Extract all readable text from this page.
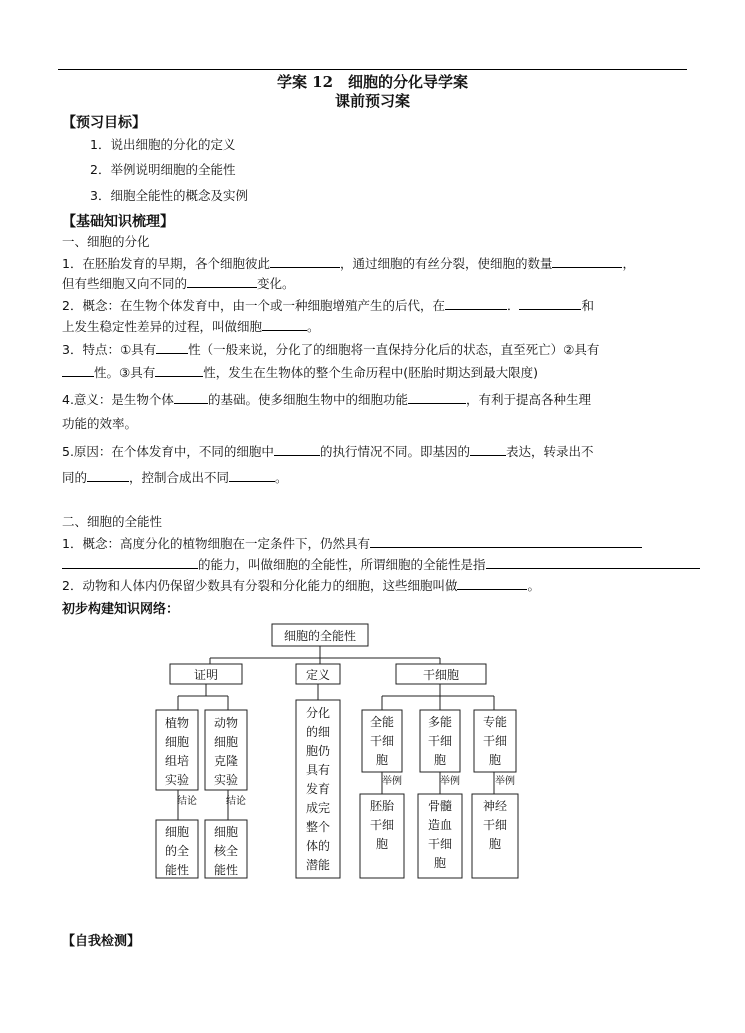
学案 12　细胞的分化导学案
课前预习案
【预习目标】
1．说出细胞的分化的定义
2．举例说明细胞的全能性
3．细胞全能性的概念及实例
【基础知识梳理】
一、细胞的分化
1．在胚胎发育的早期，各个细胞彼此	，通过细胞的有丝分裂，使细胞的数量	，
但有些细胞又向不同的	变化。
2．概念：在生物个体发育中，由一个或一种细胞增殖产生的后代，在	．	和
上发生稳定性差异的过程，叫做细胞	。
3．特点：①具有	性（一般来说，分化了的细胞将一直保持分化后的状态，直至死亡）②具有
性。③具有	性，发生在生物体的整个生命历程中(胚胎时期达到最大限度)
4.意义：是生物个体	的基础。使多细胞生物中的细胞功能	，有利于提高各种生理
功能的效率。
5.原因：在个体发育中，不同的细胞中	的执行情况不同。即基因的	表达，转录出不
同的	，控制合成出不同	。
二、细胞的全能性
1．概念：高度分化的植物细胞在一定条件下，仍然具有
的能力，叫做细胞的全能性，所谓细胞的全能性是指
2．动物和人体内仍保留少数具有分裂和分化能力的细胞，这些细胞叫做	。
初步构建知识网络：
细胞的全能性
证明	定义	干细胞
植物
细胞
组培
实验
细胞
的全
能性
结论
动物
细胞
克隆
实验
细胞
核全
能性
结论
分化
的细
胞仍
具有
发育
成完
整个
体的
潜能
全能
干细
胞
胚胎
干细
胞
举例
多能
干细
胞
骨髓
造血
干细
胞
举例
专能
干细
胞
神经
干细
胞
举例
【自我检测】
